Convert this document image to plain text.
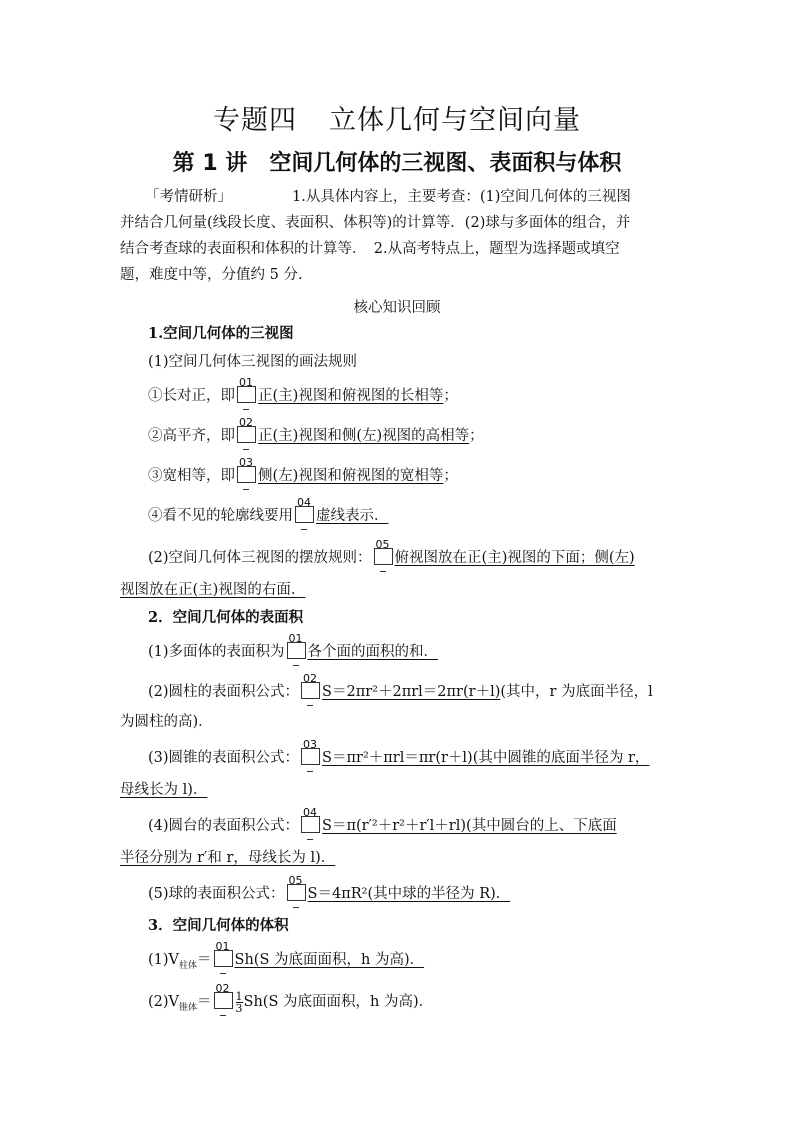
专题四 立体几何与空间向量
第 1 讲 空间几何体的三视图、表面积与体积
「考情研析」	1.从具体内容上，主要考查：(1)空间几何体的三视图
并结合几何量(线段长度、表面积、体积等)的计算等．(2)球与多面体的组合，并
结合考查球的表面积和体积的计算等．　2.从高考特点上，题型为选择题或填空
题，难度中等，分值约 5 分.
核心知识回顾
1.空间几何体的三视图
(1)空间几何体三视图的画法规则
①长对正，即
01
正(主)视图和俯视图的长相等；
②高平齐，即
02
正(主)视图和侧(左)视图的高相等；
③宽相等，即
03
侧(左)视图和俯视图的宽相等；
④看不见的轮廓线要用
04
虚线表示．
(2)空间几何体三视图的摆放规则：
05
俯视图放在正(主)视图的下面；侧(左)
视图放在正(主)视图的右面．
2．空间几何体的表面积
(1)多面体的表面积为
01
各个面的面积的和．
(2)圆柱的表面积公式：
02
S＝2πr²＋2πrl＝2πr(r＋l)(其中，r 为底面半径，l
为圆柱的高)．
(3)圆锥的表面积公式：
03
S＝πr²＋πrl＝πr(r＋l)(其中圆锥的底面半径为 r，
母线长为 l)．
(4)圆台的表面积公式：
04
S＝π(r′²＋r²＋r′l＋rl)(其中圆台的上、下底面
半径分别为 r′和 r，母线长为 l)．
(5)球的表面积公式：
05
S＝4πR²(其中球的半径为 R)．
3．空间几何体的体积
$(1)V_{柱体}=$
01
Sh(S 为底面面积，h 为高)．
$(2)V_{锥体}=$
02
$\frac{1}{3} Sh(S$ 为底面面积，h 为高)．
